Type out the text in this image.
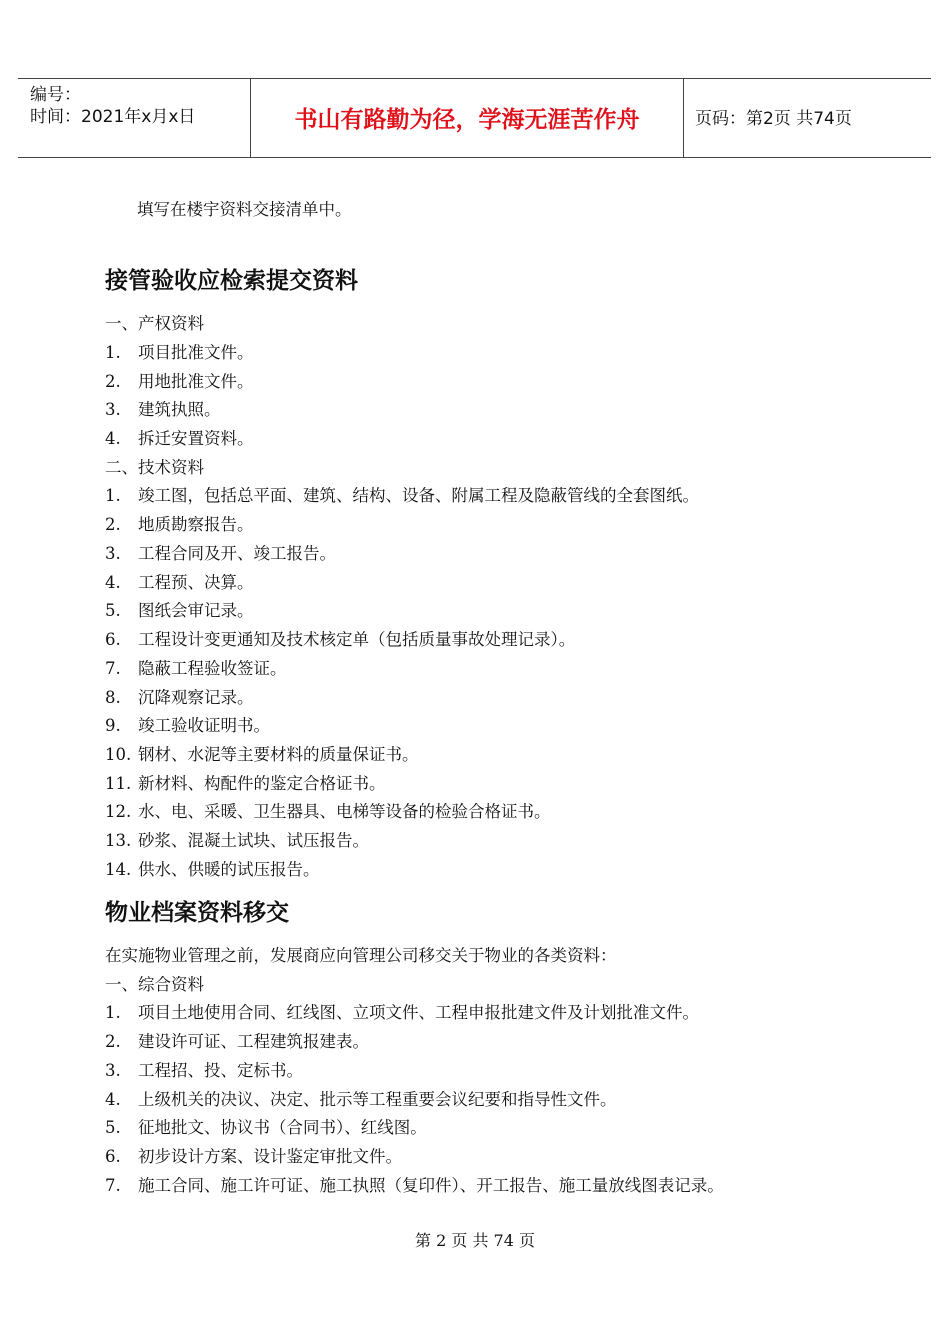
编号：
时间：2021年x月x日	书山有路勤为径，学海无涯苦作舟	页码：第2页 共74页
填写在楼宇资料交接清单中。
接管验收应检索提交资料
一、产权资料
1. 项目批准文件。
2. 用地批准文件。
3. 建筑执照。
4. 拆迁安置资料。
二、技术资料
1. 竣工图，包括总平面、建筑、结构、设备、附属工程及隐蔽管线的全套图纸。
2. 地质勘察报告。
3. 工程合同及开、竣工报告。
4. 工程预、决算。
5. 图纸会审记录。
6. 工程设计变更通知及技术核定单（包括质量事故处理记录）。
7. 隐蔽工程验收签证。
8. 沉降观察记录。
9. 竣工验收证明书。
10. 钢材、水泥等主要材料的质量保证书。
11. 新材料、构配件的鉴定合格证书。
12. 水、电、采暖、卫生器具、电梯等设备的检验合格证书。
13. 砂浆、混凝土试块、试压报告。
14. 供水、供暖的试压报告。
物业档案资料移交
在实施物业管理之前，发展商应向管理公司移交关于物业的各类资料：
一、综合资料
1. 项目土地使用合同、红线图、立项文件、工程申报批建文件及计划批准文件。
2. 建设许可证、工程建筑报建表。
3. 工程招、投、定标书。
4. 上级机关的决议、决定、批示等工程重要会议纪要和指导性文件。
5. 征地批文、协议书（合同书）、红线图。
6. 初步设计方案、设计鉴定审批文件。
7. 施工合同、施工许可证、施工执照（复印件）、开工报告、施工量放线图表记录。
第 2 页 共 74 页
